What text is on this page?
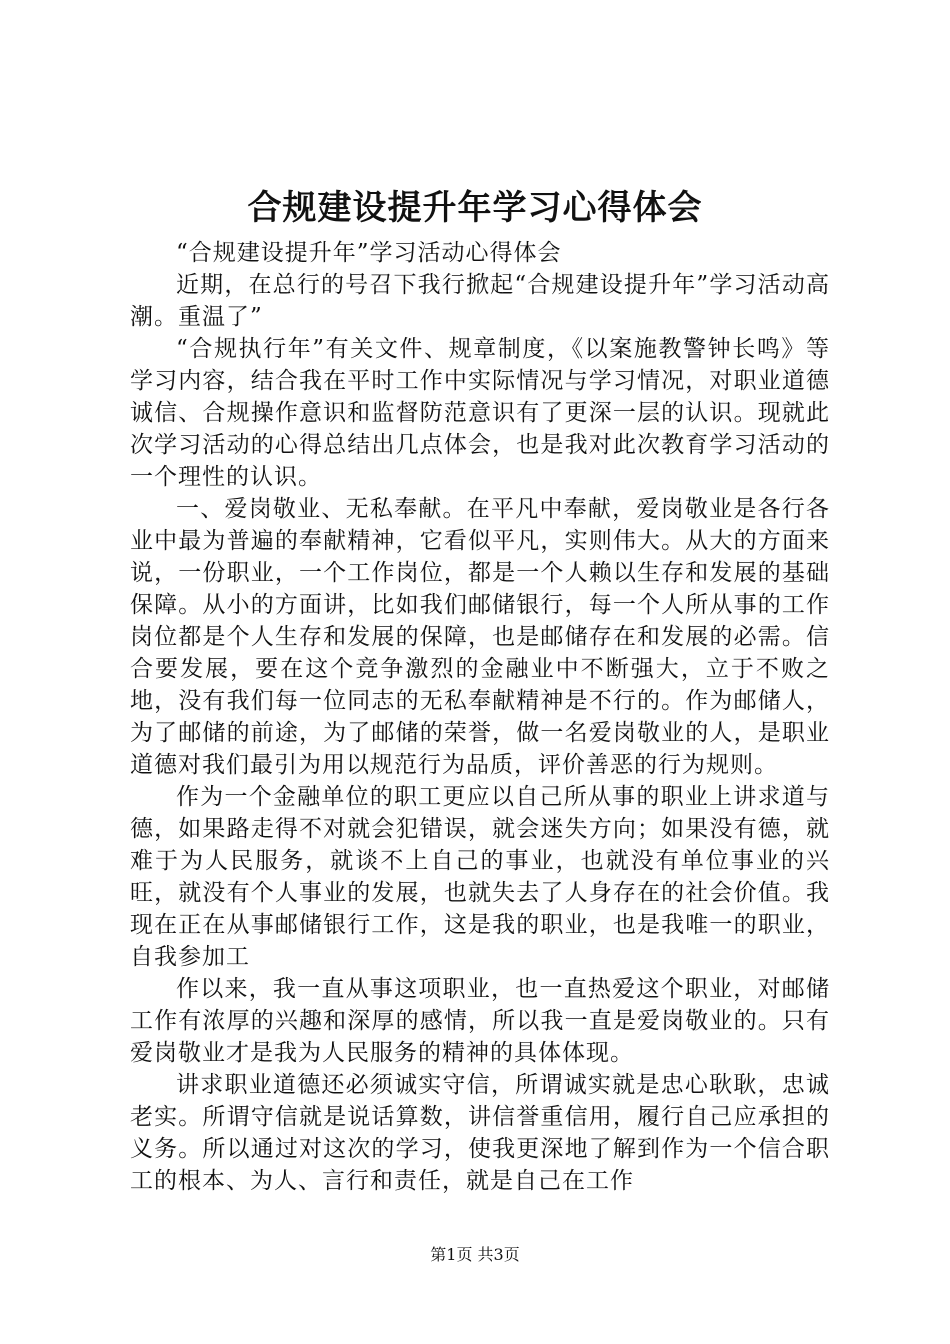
合规建设提升年学习心得体会

“合规建设提升年”学习活动心得体会

近期，在总行的号召下我行掀起“合规建设提升年”学习活动高潮。重温了”

“合规执行年”有关文件、规章制度，《以案施教警钟长鸣》等学习内容，结合我在平时工作中实际情况与学习情况，对职业道德诚信、合规操作意识和监督防范意识有了更深一层的认识。现就此次学习活动的心得总结出几点体会，也是我对此次教育学习活动的一个理性的认识。

一、爱岗敬业、无私奉献。在平凡中奉献，爱岗敬业是各行各业中最为普遍的奉献精神，它看似平凡，实则伟大。从大的方面来说，一份职业，一个工作岗位，都是一个人赖以生存和发展的基础保障。从小的方面讲，比如我们邮储银行，每一个人所从事的工作岗位都是个人生存和发展的保障，也是邮储存在和发展的必需。信合要发展，要在这个竞争激烈的金融业中不断强大，立于不败之地，没有我们每一位同志的无私奉献精神是不行的。作为邮储人，为了邮储的前途，为了邮储的荣誉，做一名爱岗敬业的人，是职业道德对我们最引为用以规范行为品质，评价善恶的行为规则。

作为一个金融单位的职工更应以自己所从事的职业上讲求道与德，如果路走得不对就会犯错误，就会迷失方向；如果没有德，就难于为人民服务，就谈不上自己的事业，也就没有单位事业的兴旺，就没有个人事业的发展，也就失去了人身存在的社会价值。我现在正在从事邮储银行工作，这是我的职业，也是我唯一的职业，自我参加工

作以来，我一直从事这项职业，也一直热爱这个职业，对邮储工作有浓厚的兴趣和深厚的感情，所以我一直是爱岗敬业的。只有爱岗敬业才是我为人民服务的精神的具体体现。

讲求职业道德还必须诚实守信，所谓诚实就是忠心耿耿，忠诚老实。所谓守信就是说话算数，讲信誉重信用，履行自己应承担的义务。所以通过对这次的学习，使我更深地了解到作为一个信合职工的根本、为人、言行和责任，就是自己在工作

第1页 共3页
